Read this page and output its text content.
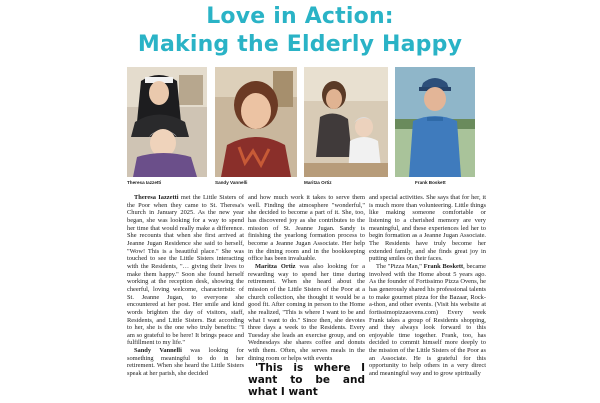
Love in Action:
Making the Elderly Happy
Theresa Iazzetti	Sandy Vannelli	Maritza Ortiz	Frank Boskett

Theresa Iazzetti met the Little Sisters of the Poor when they came to St. Theresa's Church in January 2025. As the new year began, she was looking for a way to spend her time that would really make a difference. She recounts that when she first arrived at Jeanne Jugan Residence she said to herself, "Wow! This is a beautiful place." She was touched to see the Little Sisters interacting with the Residents, "… giving their lives to make them happy." Soon she found herself working at the reception desk, showing the cheerful, loving welcome, characteristic of St. Jeanne Jugan, to everyone she encountered at her post. Her smile and kind words brighten the day of visitors, staff, Residents, and Little Sisters. But according to her, she is the one who truly benefits: "I am so grateful to be here! It brings peace and fulfillment to my life."

Sandy Vannelli was looking for something meaningful to do in her retirement. When she heard the Little Sisters speak at her parish, she decided

and how much work it takes to serve them well. Finding the atmosphere "wonderful," she decided to become a part of it. She, too, has discovered joy as she contributes to the mission of St. Jeanne Jugan. Sandy is finishing the yearlong formation process to become a Jeanne Jugan Associate. Her help in the dining room and in the bookkeeping office has been invaluable.

Maritza Ortiz was also looking for a rewarding way to spend her time during retirement. When she heard about the mission of the Little Sisters of the Poor at a church collection, she thought it would be a good fit. After coming in person to the Home she realized, "This is where I want to be and what I want to do." Since then, she devotes three days a week to the Residents. Every Tuesday she leads an exercise group, and on Wednesdays she shares coffee and donuts with them. Often, she serves meals in the dining room or helps with events

'This is where I want to be and what I want

and special activities. She says that for her, it is much more than volunteering. Little things like making someone comfortable or listening to a cherished memory are very meaningful, and these experiences led her to begin formation as a Jeanne Jugan Associate. The Residents have truly become her extended family, and she finds great joy in putting smiles on their faces.

The "Pizza Man," Frank Boskett, became involved with the Home about 5 years ago. As the founder of Fortissimo Pizza Ovens, he has generously shared his professional talents to make gourmet pizza for the Bazaar, Rock-a-thon, and other events. (Visit his website at fortissimopizzaovens.com) Every week Frank takes a group of Residents shopping, and they always look forward to this enjoyable time together. Frank, too, has decided to commit himself more deeply to the mission of the Little Sisters of the Poor as an Associate. He is grateful for this opportunity to help others in a very direct and meaningful way and to grow spiritually
